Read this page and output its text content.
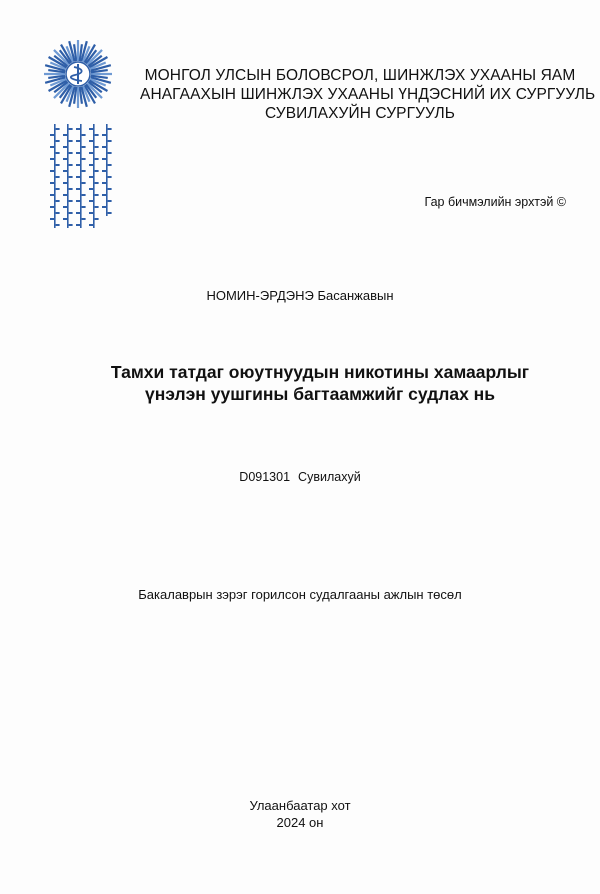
МОНГОЛ УЛСЫН БОЛОВСРОЛ, ШИНЖЛЭХ УХААНЫ ЯАМ
АНАГААХЫН ШИНЖЛЭХ УХААНЫ ҮНДЭСНИЙ ИХ СУРГУУЛЬ
СУВИЛАХУЙН СУРГУУЛЬ
Гар бичмэлийн эрхтэй ©
НОМИН-ЭРДЭНЭ Басанжавын
Тамхи татдаг оюутнуудын никотины хамаарлыг
үнэлэн уушгины багтаамжийг судлах нь
D091301 Сувилахуй
Бакалаврын зэрэг горилсон судалгааны ажлын төсөл
Улаанбаатар хот
2024 он
